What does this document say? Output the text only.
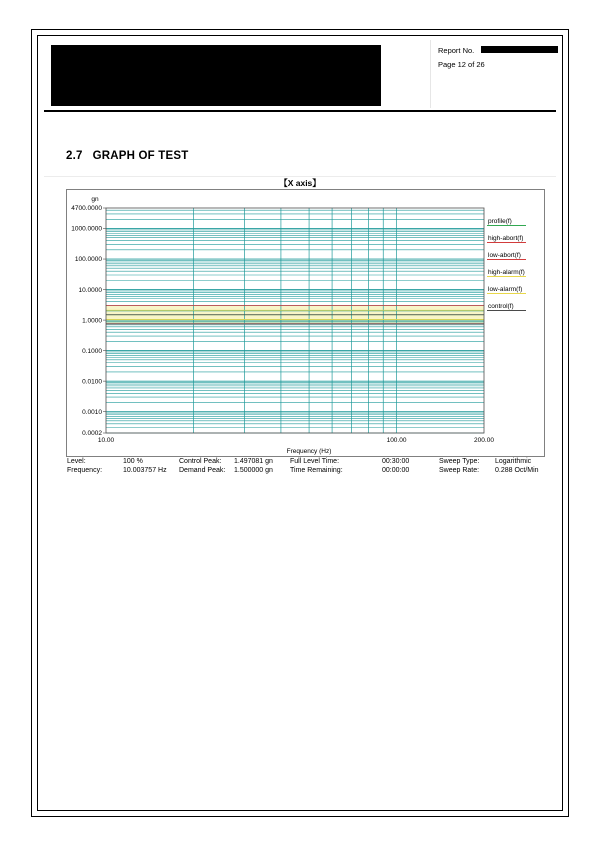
Report No.
Page 12 of 26
2.7 GRAPH OF TEST
【X axis】
4700.0000
1000.0000
100.0000
10.0000
1.0000
0.1000
0.0100
0.0010
0.0002
10.00	100.00	200.00
profile(f)
high-abort(f)
low-abort(f)
high-alarm(f)
low-alarm(f)
control(f)
gn
Frequency (Hz)
Level:	100 %
Frequency:	10.003757 Hz
Control Peak: 1.497081 gn
Demand Peak: 1.500000 gn
Full Level Time:	00:30:00
Time Remaining:	00:00:00
Sweep Type: Logarithmic
Sweep Rate: 0.288 Oct/Min
